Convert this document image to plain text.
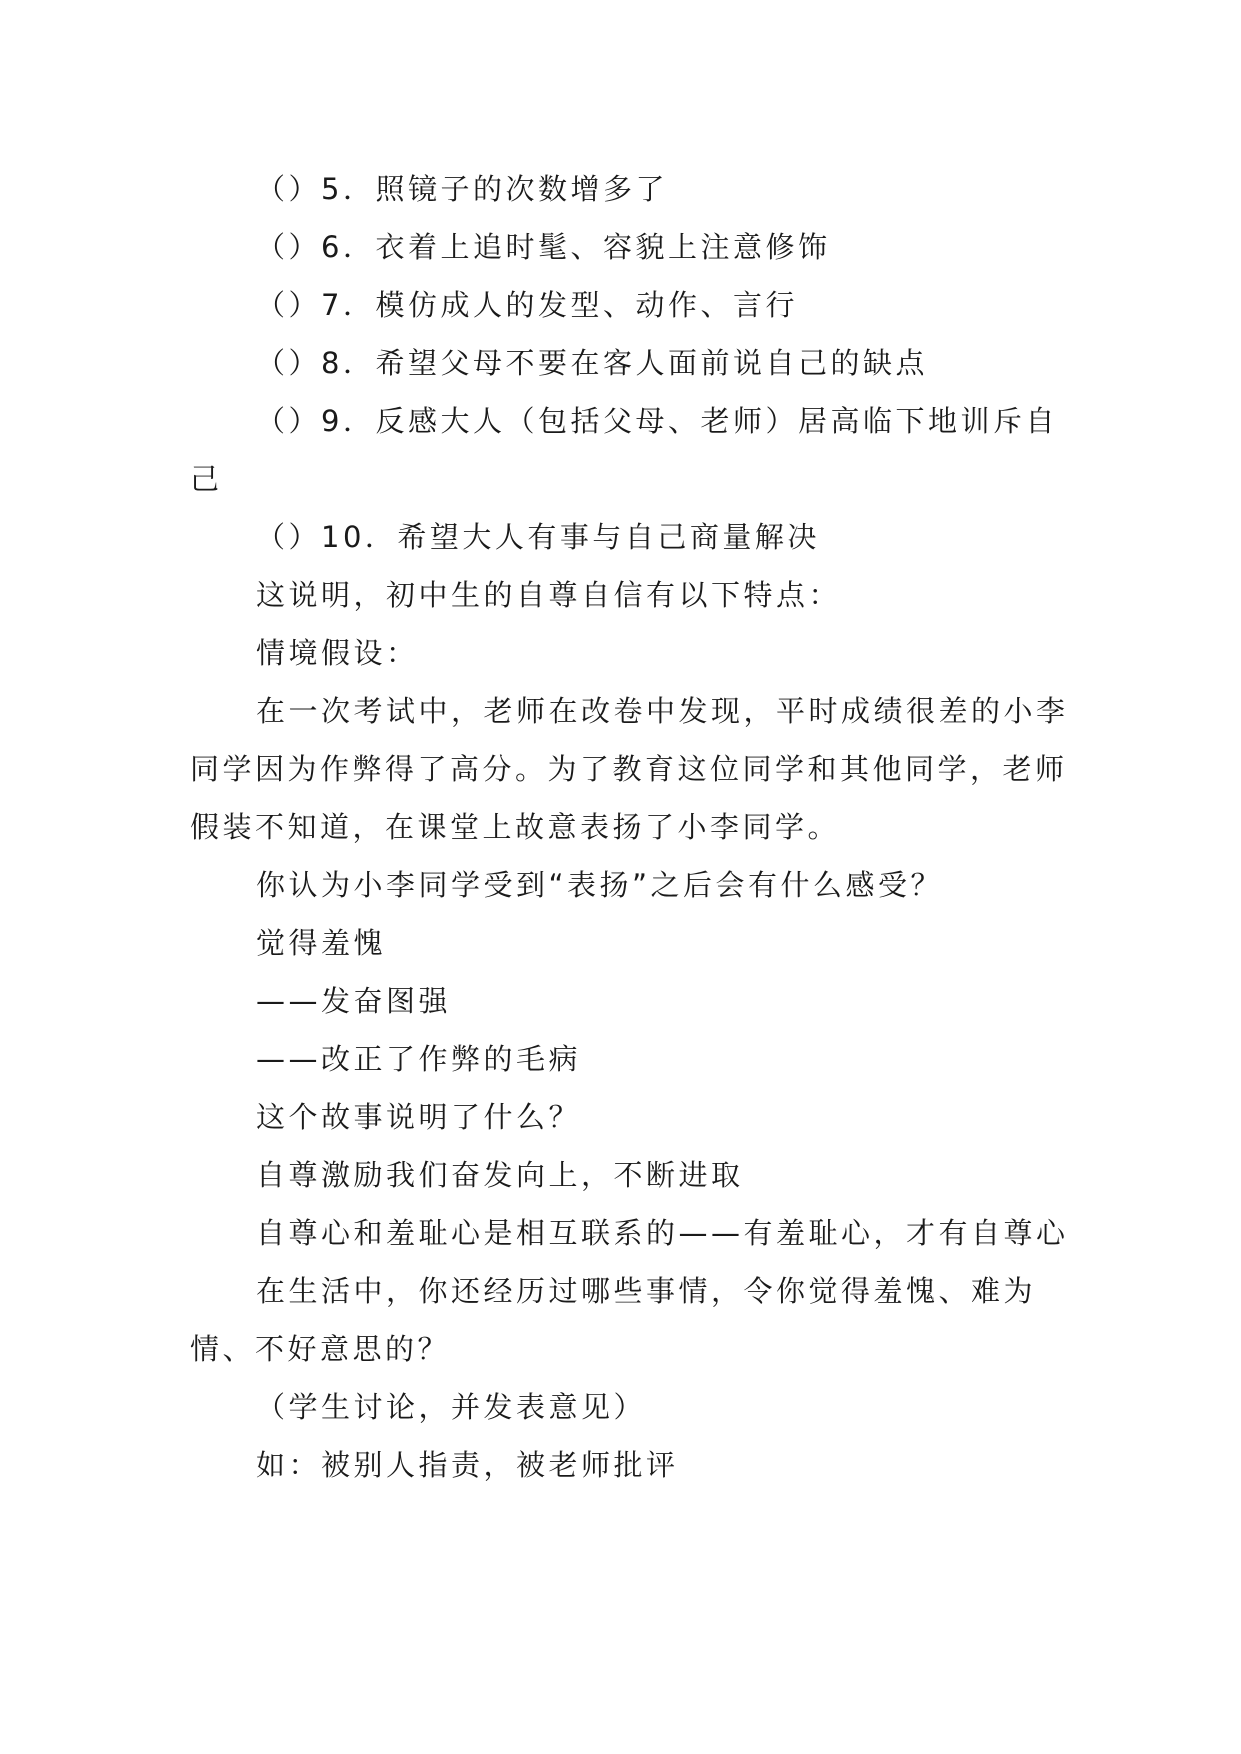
（）5．照镜子的次数增多了

（）6．衣着上追时髦、容貌上注意修饰

（）7．模仿成人的发型、动作、言行

（）8．希望父母不要在客人面前说自己的缺点

（）9．反感大人（包括父母、老师）居高临下地训斥自己

（）10．希望大人有事与自己商量解决

这说明，初中生的自尊自信有以下特点：

情境假设：

在一次考试中，老师在改卷中发现，平时成绩很差的小李同学因为作弊得了高分。为了教育这位同学和其他同学，老师假装不知道，在课堂上故意表扬了小李同学。

你认为小李同学受到“表扬”之后会有什么感受？

觉得羞愧

——发奋图强

——改正了作弊的毛病

这个故事说明了什么？

自尊激励我们奋发向上，不断进取

自尊心和羞耻心是相互联系的——有羞耻心，才有自尊心

在生活中，你还经历过哪些事情，令你觉得羞愧、难为情、不好意思的？

（学生讨论，并发表意见）

如：被别人指责，被老师批评
